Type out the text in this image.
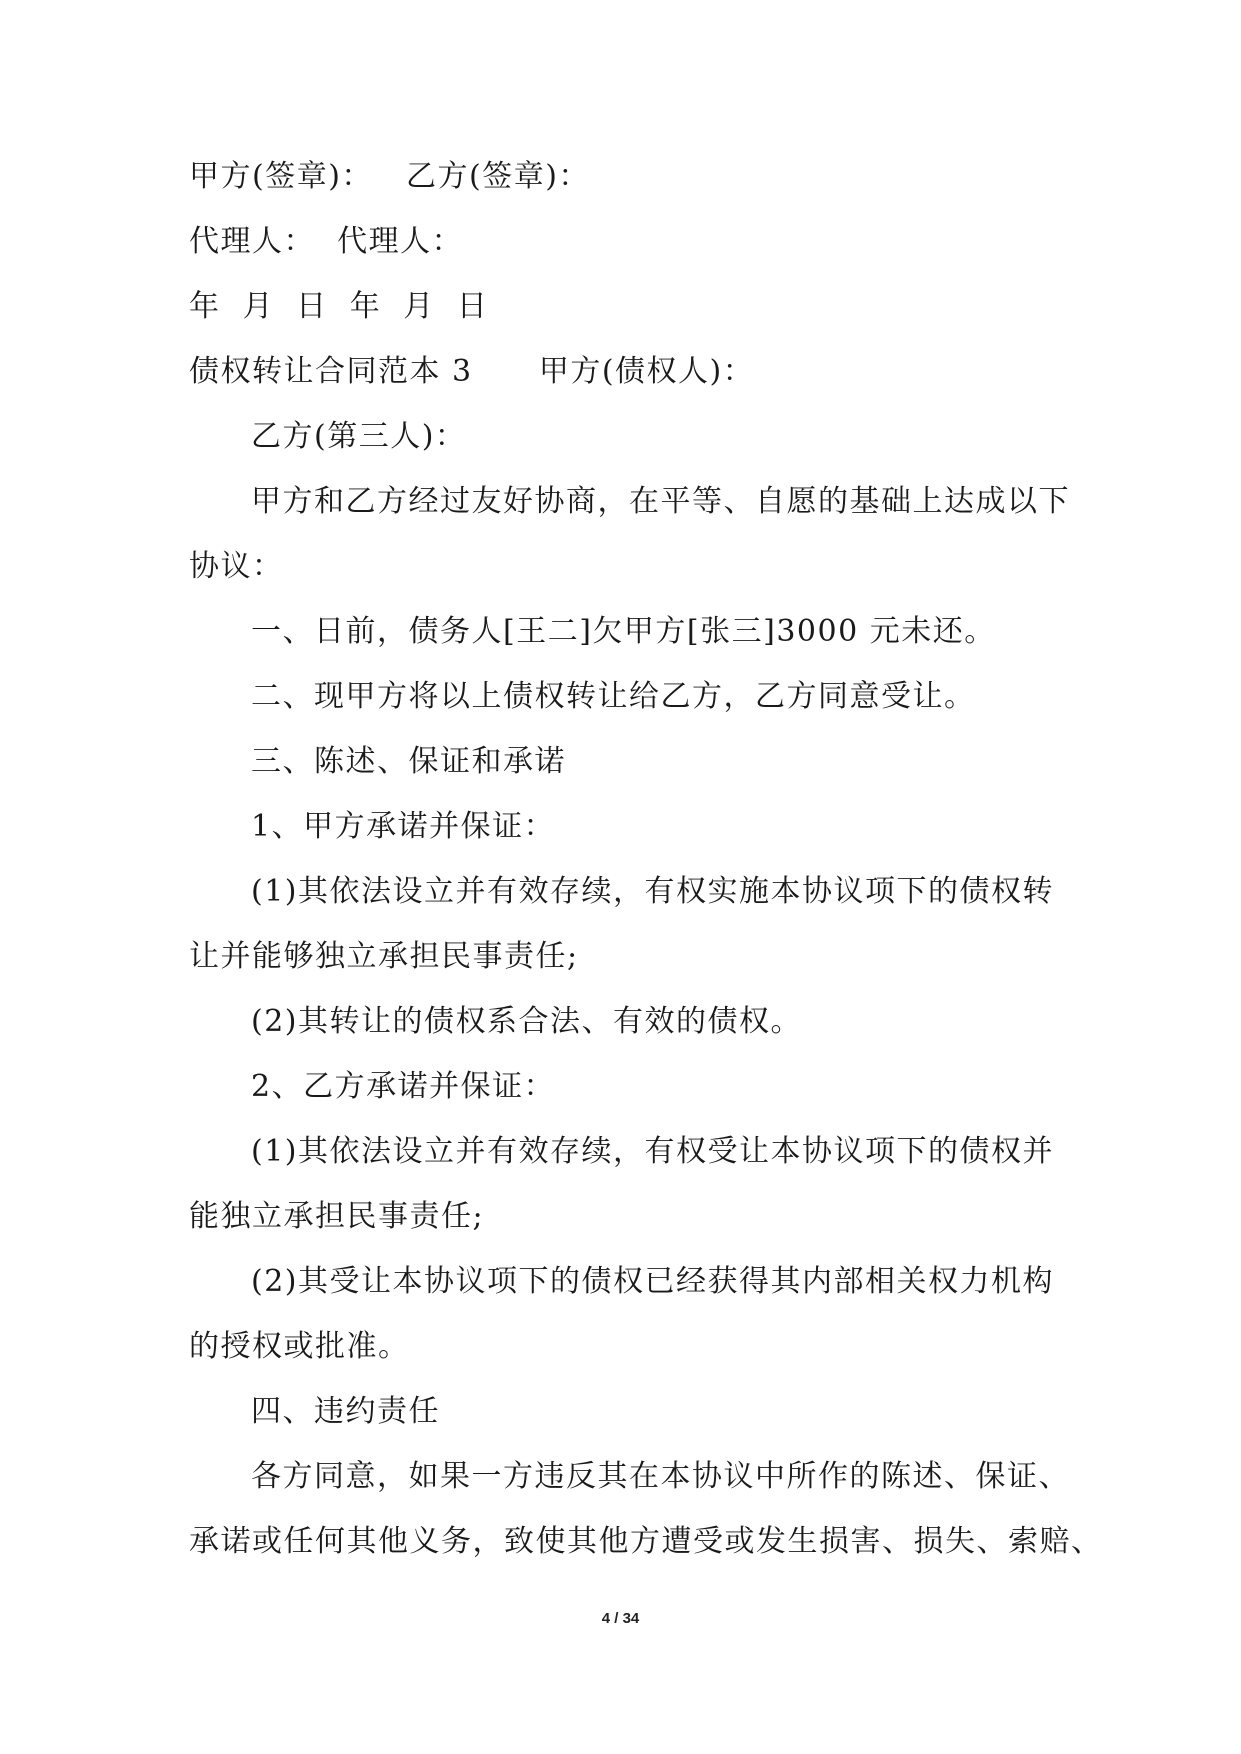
甲方(签章)：   乙方(签章)：
代理人：  代理人：
年  月  日  年  月  日
债权转让合同范本 3      甲方(债权人)：
乙方(第三人)：
甲方和乙方经过友好协商，在平等、自愿的基础上达成以下
协议：
一、日前，债务人[王二]欠甲方[张三]3000 元未还。
二、现甲方将以上债权转让给乙方，乙方同意受让。
三、陈述、保证和承诺
1、甲方承诺并保证：
(1)其依法设立并有效存续，有权实施本协议项下的债权转
让并能够独立承担民事责任;
(2)其转让的债权系合法、有效的债权。
2、乙方承诺并保证：
(1)其依法设立并有效存续，有权受让本协议项下的债权并
能独立承担民事责任;
(2)其受让本协议项下的债权已经获得其内部相关权力机构
的授权或批准。
四、违约责任
各方同意，如果一方违反其在本协议中所作的陈述、保证、
承诺或任何其他义务，致使其他方遭受或发生损害、损失、索赔、
4 / 34
